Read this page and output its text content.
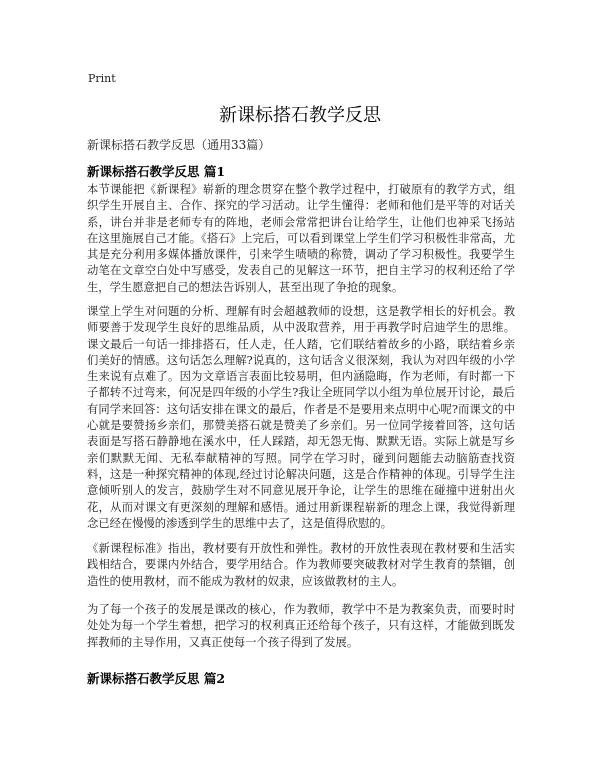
Print
新课标搭石教学反思
新课标搭石教学反思（通用33篇）
新课标搭石教学反思 篇1

本节课能把《新课程》崭新的理念贯穿在整个教学过程中，打破原有的教学方式，组织学生开展自主、合作、探究的学习活动。让学生懂得：老师和他们是平等的对话关系，讲台并非是老师专有的阵地，老师会常常把讲台让给学生，让他们也神采飞扬站在这里施展自己才能。《搭石》上完后，可以看到课堂上学生们学习积极性非常高，尤其是充分利用多媒体播放课件，引来学生啧啧的称赞，调动了学习积极性。我要学生动笔在文章空白处中写感受，发表自己的见解这一环节，把自主学习的权利还给了学生，学生愿意把自己的想法告诉别人，甚至出现了争抢的现象。

课堂上学生对问题的分析、理解有时会超越教师的设想，这是教学相长的好机会。教师要善于发现学生良好的思维品质，从中汲取营养，用于再教学时启迪学生的思维。课文最后一句话一排排搭石，任人走，任人踏，它们联结着故乡的小路，联结着乡亲们美好的情感。这句话怎么理解?说真的，这句话含义很深刻，我认为对四年级的小学生来说有点难了。因为文章语言表面比较易明，但内涵隐晦，作为老师，有时都一下子都转不过弯来，何况是四年级的小学生?我让全班同学以小组为单位展开讨论，最后有同学来回答：这句话安排在课文的最后，作者是不是要用来点明中心呢?而课文的中心就是要赞扬乡亲们，那赞美搭石就是赞美了乡亲们。另一位同学接着回答，这句话表面是写搭石静静地在溪水中，任人踩踏，却无怨无悔、默默无语。实际上就是写乡亲们默默无闻、无私奉献精神的写照。同学在学习时，碰到问题能去动脑筋查找资料，这是一种探究精神的体现,经过讨论解决问题，这是合作精神的体现。引导学生注意倾听别人的发言，鼓励学生对不同意见展开争论，让学生的思维在碰撞中迸射出火花，从而对课文有更深刻的理解和感悟。通过用新课程崭新的理念上课，我觉得新理念已经在慢慢的渗透到学生的思维中去了，这是值得欣慰的。

《新课程标准》指出，教材要有开放性和弹性。教材的开放性表现在教材要和生活实践相结合，要课内外结合，要学用结合。作为教师要突破教材对学生教育的禁锢，创造性的使用教材，而不能成为教材的奴隶，应该做教材的主人。

为了每一个孩子的发展是课改的核心，作为教师，教学中不是为教案负责，而要时时处处为每一个学生着想，把学习的权利真正还给每个孩子，只有这样，才能做到既发挥教师的主导作用，又真正使每一个孩子得到了发展。

新课标搭石教学反思 篇2
